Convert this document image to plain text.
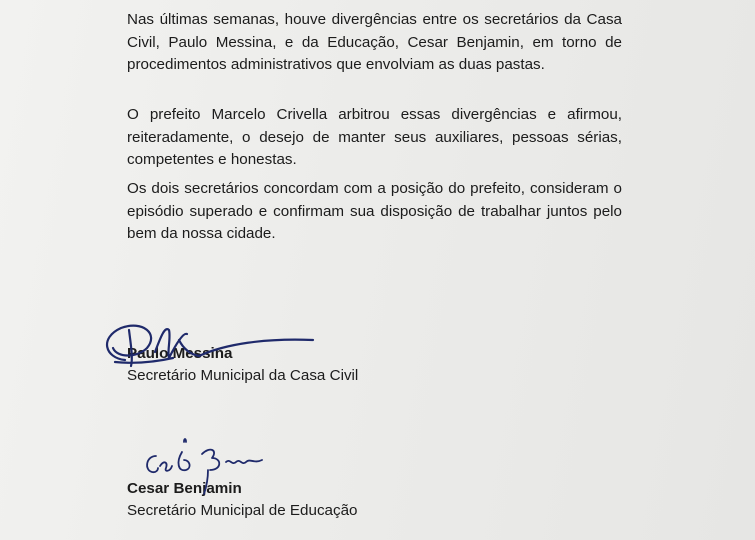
Nas últimas semanas, houve divergências entre os secretários da Casa Civil, Paulo Messina, e da Educação, Cesar Benjamin, em torno de procedimentos administrativos que envolviam as duas pastas.

O prefeito Marcelo Crivella arbitrou essas divergências e afirmou, reiteradamente, o desejo de manter seus auxiliares, pessoas sérias, competentes e honestas.

Os dois secretários concordam com a posição do prefeito, consideram o episódio superado e confirmam sua disposição de trabalhar juntos pelo bem da nossa cidade.

Paulo Messina

Secretário Municipal da Casa Civil

Cesar Benjamin

Secretário Municipal de Educação
